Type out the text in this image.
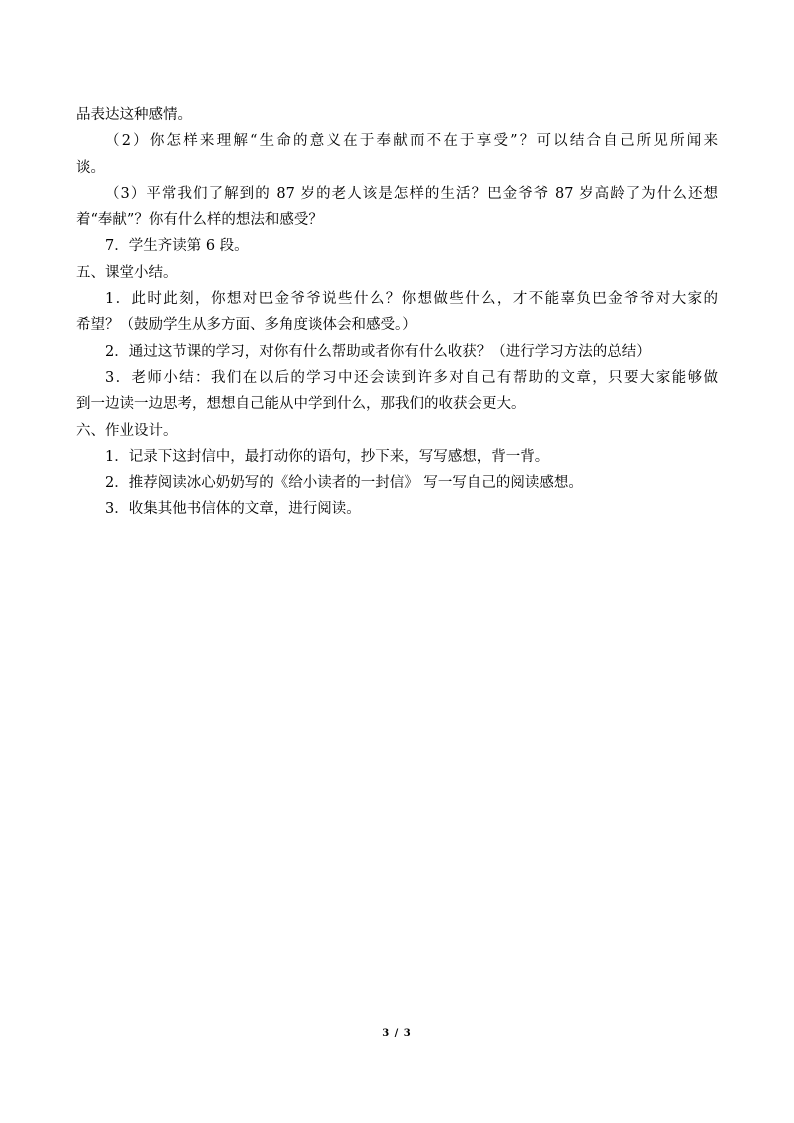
品表达这种感情。
（2）你怎样来理解“生命的意义在于奉献而不在于享受”？可以结合自己所见所闻来
谈。
（3）平常我们了解到的 87 岁的老人该是怎样的生活？巴金爷爷 87 岁高龄了为什么还想
着“奉献”？你有什么样的想法和感受？
7．学生齐读第 6 段。
五、课堂小结。
1．此时此刻，你想对巴金爷爷说些什么？你想做些什么，才不能辜负巴金爷爷对大家的
希望？（鼓励学生从多方面、多角度谈体会和感受。）
2．通过这节课的学习，对你有什么帮助或者你有什么收获？（进行学习方法的总结）
3．老师小结：我们在以后的学习中还会读到许多对自己有帮助的文章，只要大家能够做
到一边读一边思考，想想自己能从中学到什么，那我们的收获会更大。
六、作业设计。
1．记录下这封信中，最打动你的语句，抄下来，写写感想，背一背。
2．推荐阅读冰心奶奶写的《给小读者的一封信》 写一写自己的阅读感想。
3．收集其他书信体的文章，进行阅读。
3 / 3
